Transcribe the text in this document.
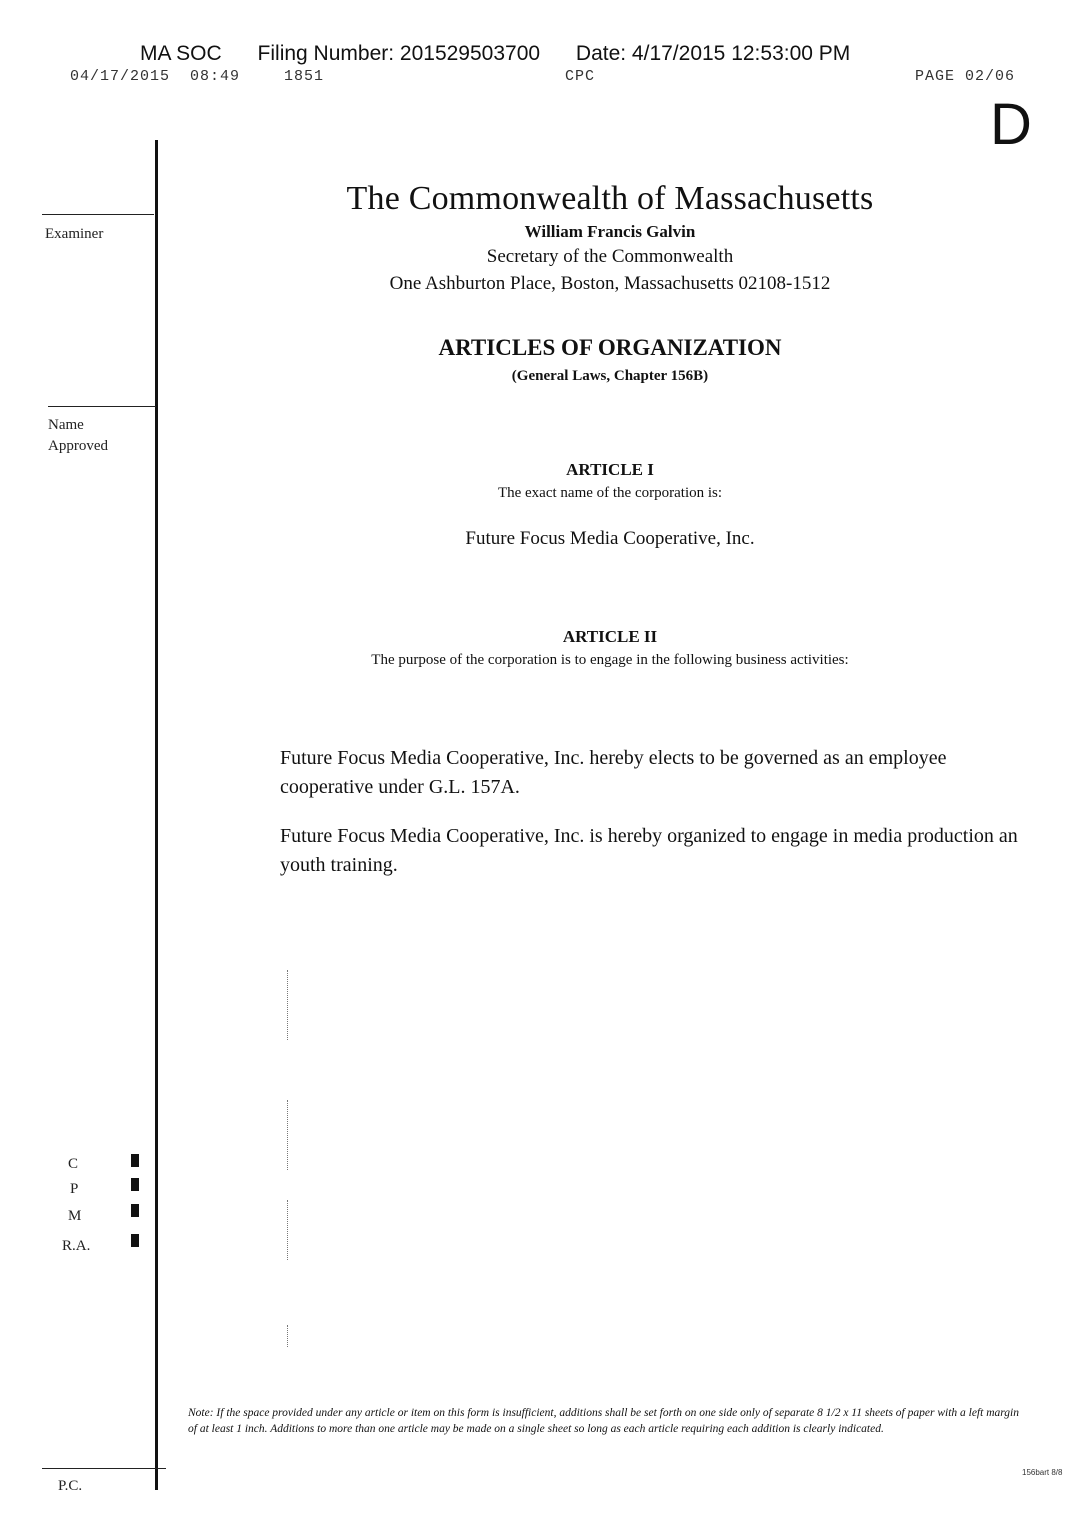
MA SOC Filing Number: 201529503700 Date: 4/17/2015 12:53:00 PM
04/17/2015 08:49	1851	CPC	PAGE 02/06
D
Examiner
Name
Approved
C
P
M
R.A.
P.C.
The Commonwealth of Massachusetts
William Francis Galvin
Secretary of the Commonwealth
One Ashburton Place, Boston, Massachusetts 02108-1512
ARTICLES OF ORGANIZATION
(General Laws, Chapter 156B)
ARTICLE I
The exact name of the corporation is:
Future Focus Media Cooperative, Inc.
ARTICLE II
The purpose of the corporation is to engage in the following business activities:
Future Focus Media Cooperative, Inc. hereby elects to be governed as an employee
cooperative under G.L. 157A.
Future Focus Media Cooperative, Inc. is hereby organized to engage in media production an
youth training.
Note: If the space provided under any article or item on this form is insufficient, additions shall be set forth on one side only of separate 8 1/2 x 11 sheets of paper with a left margin of at least 1 inch. Additions to more than one article may be made on a single sheet so long as each article requiring each addition is clearly indicated.
156bart 8/8
